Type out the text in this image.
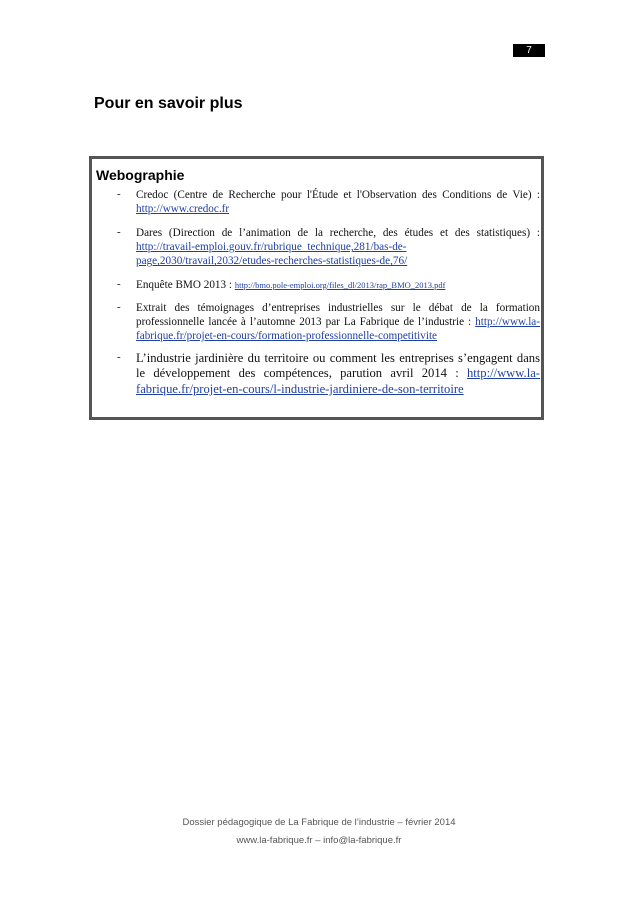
7
Pour en savoir plus
Webographie
- Credoc (Centre de Recherche pour l'Étude et l'Observation des Conditions de Vie) : http://www.credoc.fr
- Dares (Direction de l’animation de la recherche, des études et des statistiques) : http://travail-emploi.gouv.fr/rubrique_technique,281/bas-de-page,2030/travail,2032/etudes-recherches-statistiques-de,76/
- Enquête BMO 2013 : http://bmo.pole-emploi.org/files_dl/2013/rap_BMO_2013.pdf
- Extrait des témoignages d’entreprises industrielles sur le débat de la formation professionnelle lancée à l’automne 2013 par La Fabrique de l’industrie : http://www.la-fabrique.fr/projet-en-cours/formation-professionnelle-competitivite
- L’industrie jardinière du territoire ou comment les entreprises s’engagent dans le développement des compétences, parution avril 2014 : http://www.la-fabrique.fr/projet-en-cours/l-industrie-jardiniere-de-son-territoire
Dossier pédagogique de La Fabrique de l’industrie – février 2014
www.la-fabrique.fr – info@la-fabrique.fr
